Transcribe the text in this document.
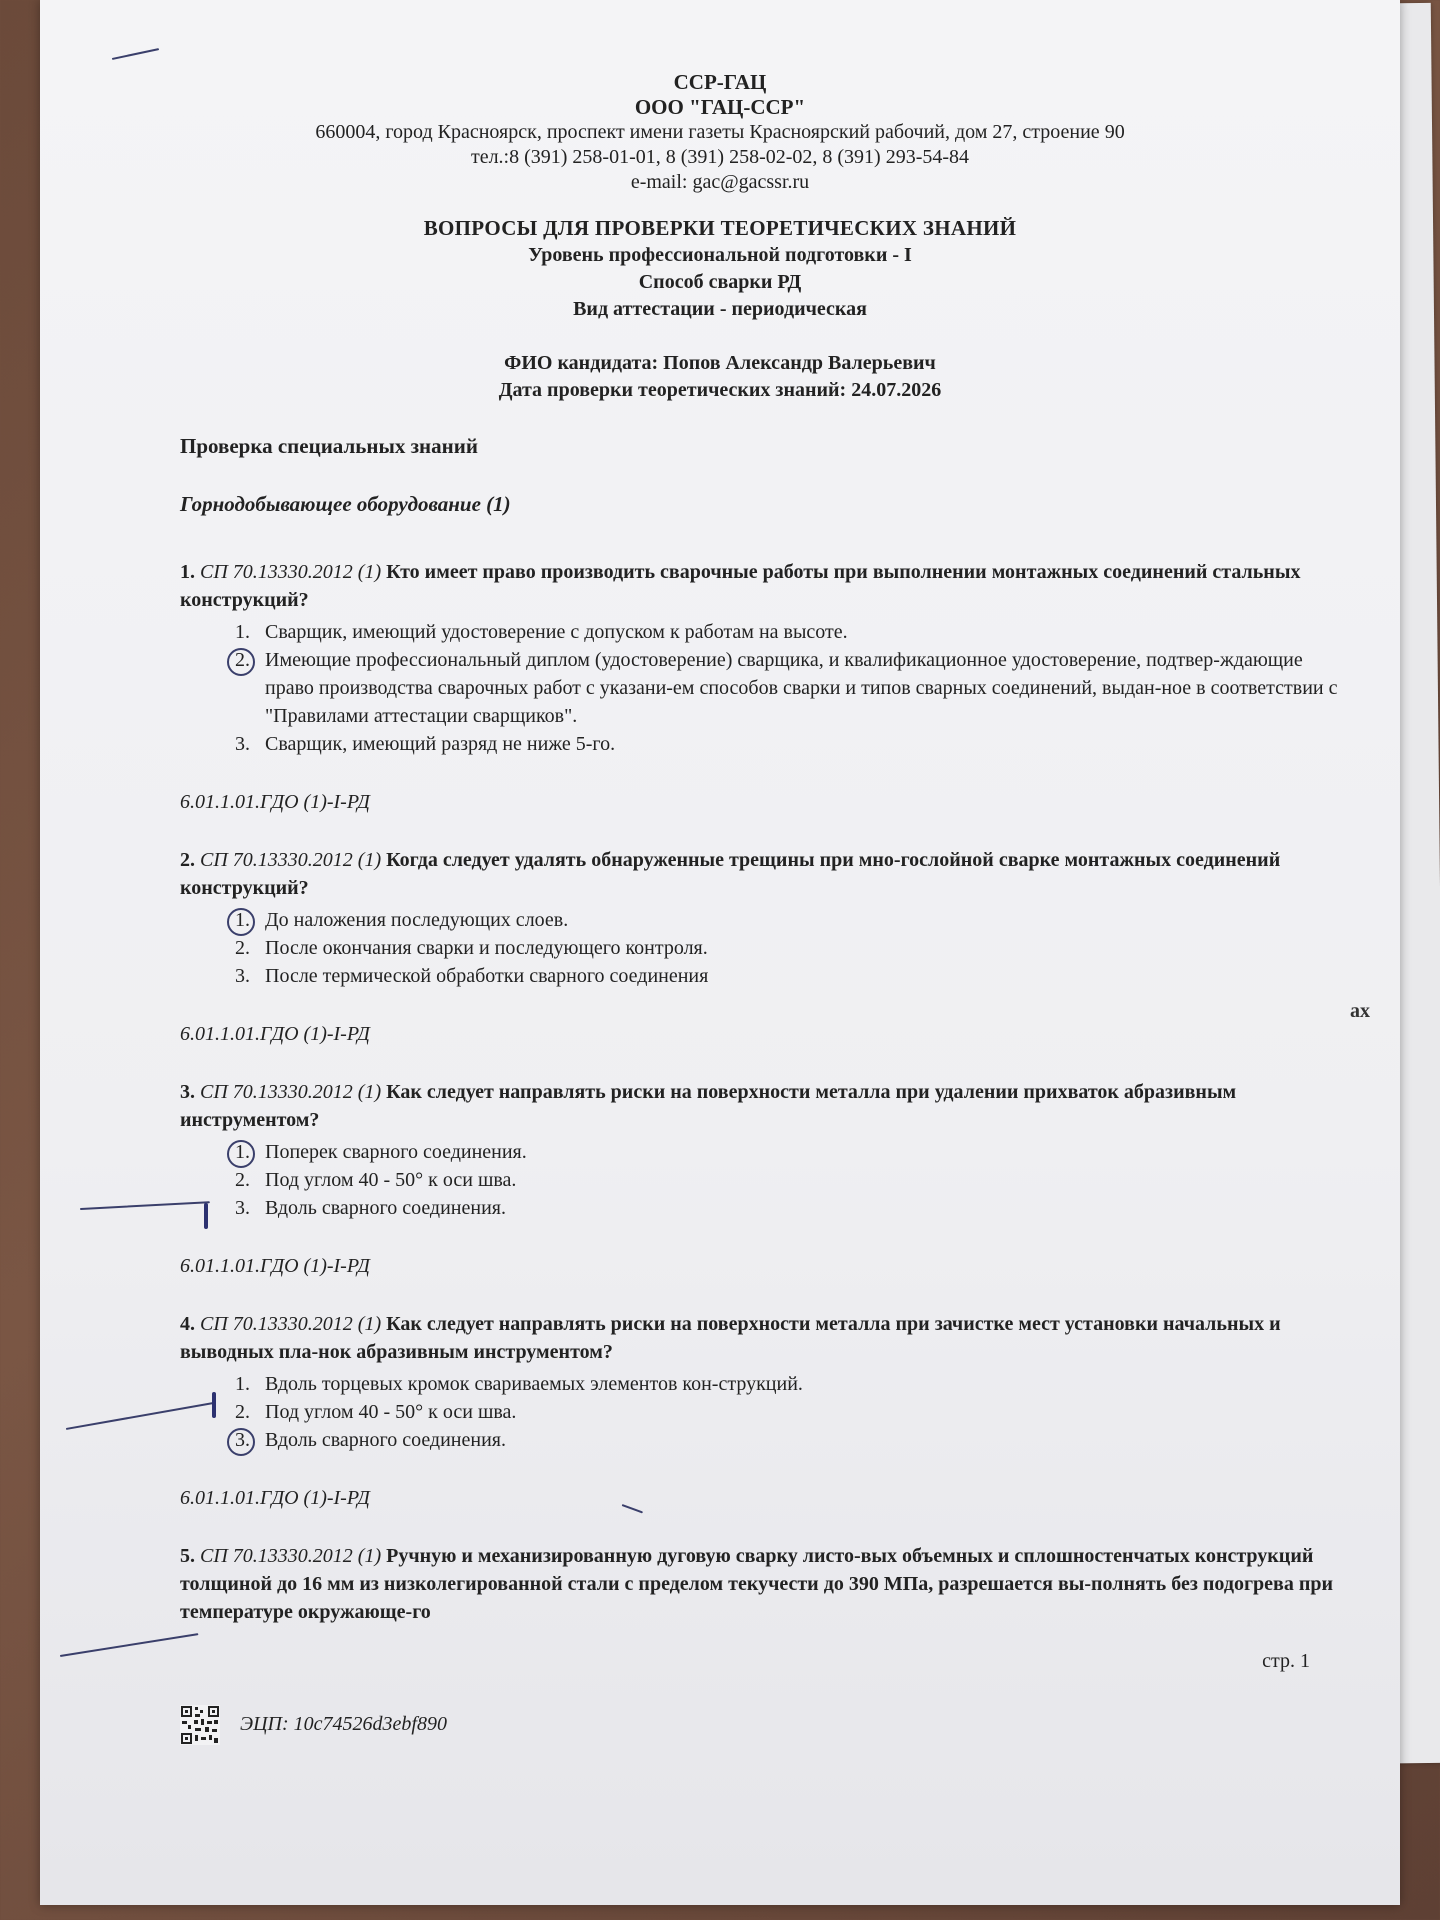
ах
ССР-ГАЦ
ООО "ГАЦ-ССР"
660004, город Красноярск, проспект имени газеты Красноярский рабочий, дом 27, строение 90
тел.:8 (391) 258-01-01, 8 (391) 258-02-02, 8 (391) 293-54-84
e-mail: gac@gacssr.ru
ВОПРОСЫ ДЛЯ ПРОВЕРКИ ТЕОРЕТИЧЕСКИХ ЗНАНИЙ
Уровень профессиональной подготовки - I
Способ сварки РД
Вид аттестации - периодическая
ФИО кандидата: Попов Александр Валерьевич
Дата проверки теоретических знаний: 24.07.2026
Проверка специальных знаний
Горнодобывающее оборудование (1)
1. СП 70.13330.2012 (1) Кто имеет право производить сварочные работы при выполнении монтажных соединений стальных конструкций?
1. Сварщик, имеющий удостоверение с допуском к работам на высоте.
2. Имеющие профессиональный диплом (удостоверение) сварщика, и квалификационное удостоверение, подтвер-ждающие право производства сварочных работ с указани-ем способов сварки и типов сварных соединений, выдан-ное в соответствии с "Правилами аттестации сварщиков".
3. Сварщик, имеющий разряд не ниже 5-го.
6.01.1.01.ГДО (1)-I-РД
2. СП 70.13330.2012 (1) Когда следует удалять обнаруженные трещины при мно-гослойной сварке монтажных соединений конструкций?
1. До наложения последующих слоев.
2. После окончания сварки и последующего контроля.
3. После термической обработки сварного соединения
6.01.1.01.ГДО (1)-I-РД
3. СП 70.13330.2012 (1) Как следует направлять риски на поверхности металла при удалении прихваток абразивным инструментом?
1. Поперек сварного соединения.
2. Под углом 40 - 50° к оси шва.
3. Вдоль сварного соединения.
6.01.1.01.ГДО (1)-I-РД
4. СП 70.13330.2012 (1) Как следует направлять риски на поверхности металла при зачистке мест установки начальных и выводных пла-нок абразивным инструментом?
1. Вдоль торцевых кромок свариваемых элементов кон-струкций.
2. Под углом 40 - 50° к оси шва.
3. Вдоль сварного соединения.
6.01.1.01.ГДО (1)-I-РД
5. СП 70.13330.2012 (1) Ручную и механизированную дуговую сварку листо-вых объемных и сплошностенчатых конструкций толщиной до 16 мм из низколегированной стали с пределом текучести до 390 МПа, разрешается вы-полнять без подогрева при температуре окружающе-го
стр. 1
ЭЦП: 10c74526d3ebf890
